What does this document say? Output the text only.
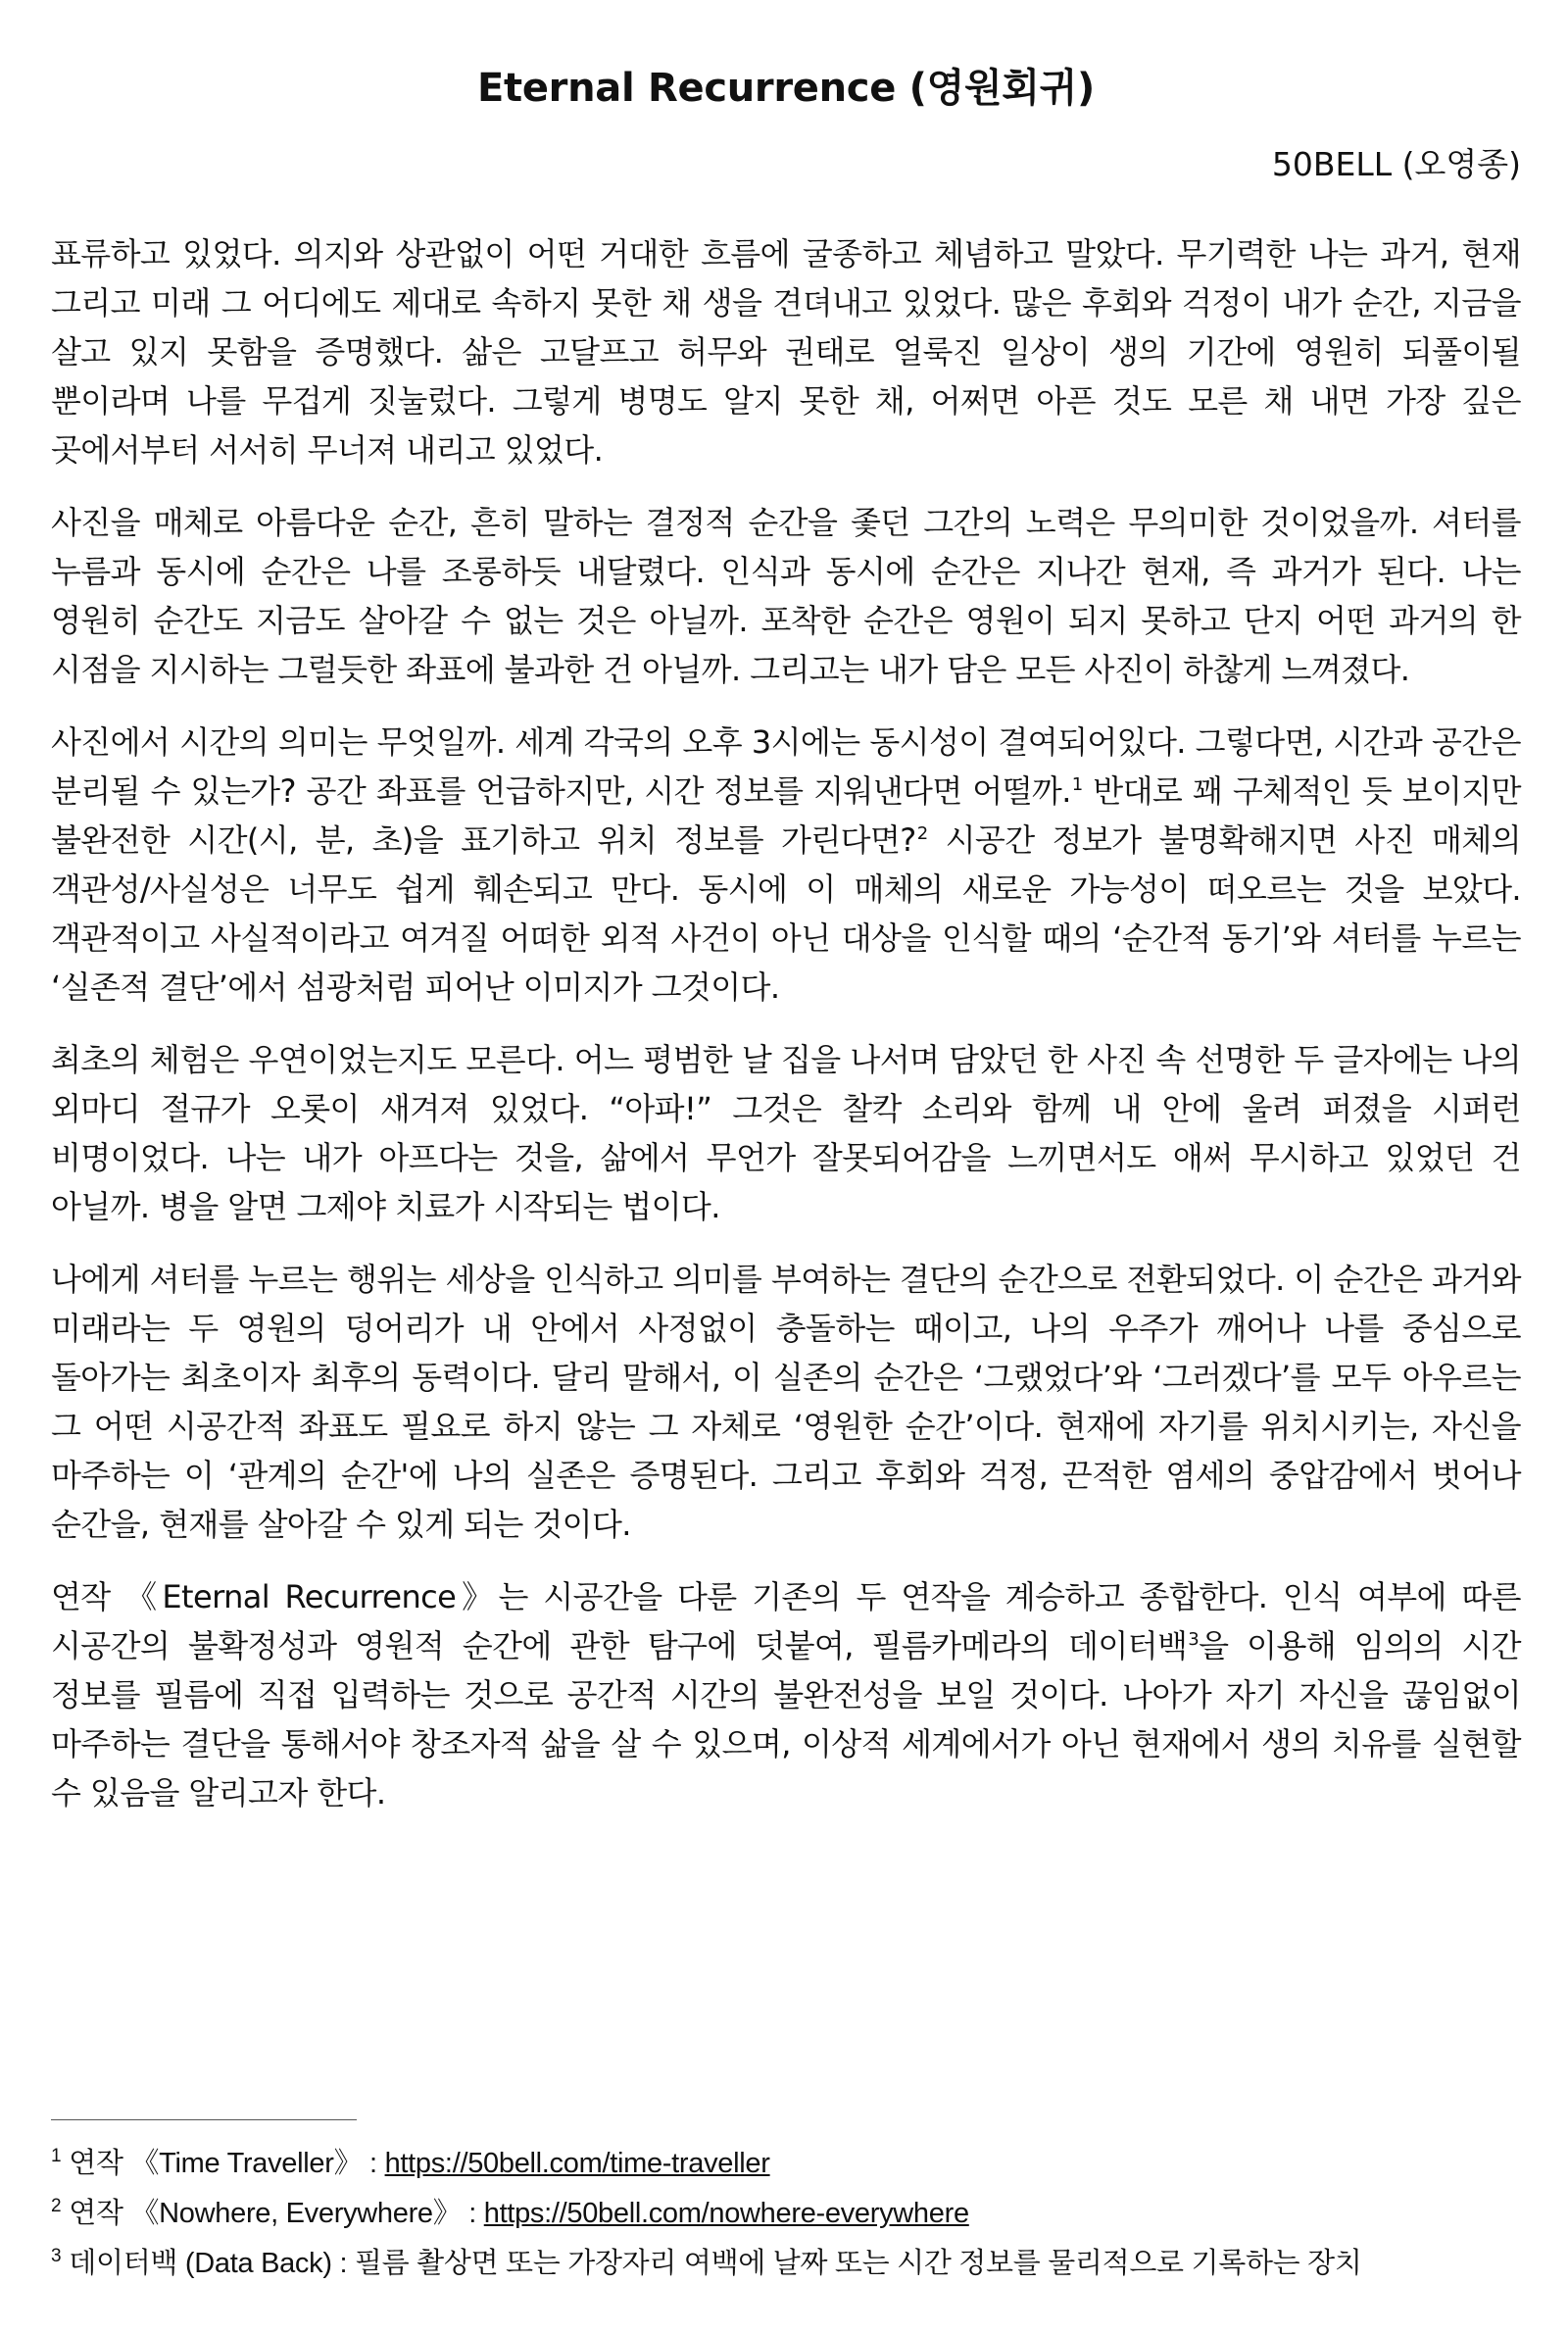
Eternal Recurrence (영원회귀)

50BELL (오영종)

표류하고 있었다. 의지와 상관없이 어떤 거대한 흐름에 굴종하고 체념하고 말았다. 무기력한 나는 과거, 현재 그리고 미래 그 어디에도 제대로 속하지 못한 채 생을 견뎌내고 있었다. 많은 후회와 걱정이 내가 순간, 지금을 살고 있지 못함을 증명했다. 삶은 고달프고 허무와 권태로 얼룩진 일상이 생의 기간에 영원히 되풀이될 뿐이라며 나를 무겁게 짓눌렀다. 그렇게 병명도 알지 못한 채, 어쩌면 아픈 것도 모른 채 내면 가장 깊은 곳에서부터 서서히 무너져 내리고 있었다.

사진을 매체로 아름다운 순간, 흔히 말하는 결정적 순간을 좇던 그간의 노력은 무의미한 것이었을까. 셔터를 누름과 동시에 순간은 나를 조롱하듯 내달렸다. 인식과 동시에 순간은 지나간 현재, 즉 과거가 된다. 나는 영원히 순간도 지금도 살아갈 수 없는 것은 아닐까. 포착한 순간은 영원이 되지 못하고 단지 어떤 과거의 한 시점을 지시하는 그럴듯한 좌표에 불과한 건 아닐까. 그리고는 내가 담은 모든 사진이 하찮게 느껴졌다.

사진에서 시간의 의미는 무엇일까. 세계 각국의 오후 3시에는 동시성이 결여되어있다. 그렇다면, 시간과 공간은 분리될 수 있는가? 공간 좌표를 언급하지만, 시간 정보를 지워낸다면 어떨까.$^1$ 반대로 꽤 구체적인 듯 보이지만 불완전한 시간(시, 분, 초)을 표기하고 위치 정보를 가린다면?$^2$ 시공간 정보가 불명확해지면 사진 매체의 객관성/사실성은 너무도 쉽게 훼손되고 만다. 동시에 이 매체의 새로운 가능성이 떠오르는 것을 보았다. 객관적이고 사실적이라고 여겨질 어떠한 외적 사건이 아닌 대상을 인식할 때의 ‘순간적 동기’와 셔터를 누르는 ‘실존적 결단’에서 섬광처럼 피어난 이미지가 그것이다.

최초의 체험은 우연이었는지도 모른다. 어느 평범한 날 집을 나서며 담았던 한 사진 속 선명한 두 글자에는 나의 외마디 절규가 오롯이 새겨져 있었다. “아파!” 그것은 찰칵 소리와 함께 내 안에 울려 퍼졌을 시퍼런 비명이었다. 나는 내가 아프다는 것을, 삶에서 무언가 잘못되어감을 느끼면서도 애써 무시하고 있었던 건 아닐까. 병을 알면 그제야 치료가 시작되는 법이다.

나에게 셔터를 누르는 행위는 세상을 인식하고 의미를 부여하는 결단의 순간으로 전환되었다. 이 순간은 과거와 미래라는 두 영원의 덩어리가 내 안에서 사정없이 충돌하는 때이고, 나의 우주가 깨어나 나를 중심으로 돌아가는 최초이자 최후의 동력이다. 달리 말해서, 이 실존의 순간은 ‘그랬었다’와 ‘그러겠다’를 모두 아우르는 그 어떤 시공간적 좌표도 필요로 하지 않는 그 자체로 ‘영원한 순간’이다. 현재에 자기를 위치시키는, 자신을 마주하는 이 ‘관계의 순간'에 나의 실존은 증명된다. 그리고 후회와 걱정, 끈적한 염세의 중압감에서 벗어나 순간을, 현재를 살아갈 수 있게 되는 것이다.

연작 《Eternal Recurrence》는 시공간을 다룬 기존의 두 연작을 계승하고 종합한다. 인식 여부에 따른 시공간의 불확정성과 영원적 순간에 관한 탐구에 덧붙여, 필름카메라의 데이터백$^3$을 이용해 임의의 시간 정보를 필름에 직접 입력하는 것으로 공간적 시간의 불완전성을 보일 것이다. 나아가 자기 자신을 끊임없이 마주하는 결단을 통해서야 창조자적 삶을 살 수 있으며, 이상적 세계에서가 아닌 현재에서 생의 치유를 실현할 수 있음을 알리고자 한다.

$^1$ 연작 《Time Traveller》 : https://50bell.com/time-traveller
$^2$ 연작 《Nowhere, Everywhere》 : https://50bell.com/nowhere-everywhere
$^3$ 데이터백 (Data Back) : 필름 촬상면 또는 가장자리 여백에 날짜 또는 시간 정보를 물리적으로 기록하는 장치
